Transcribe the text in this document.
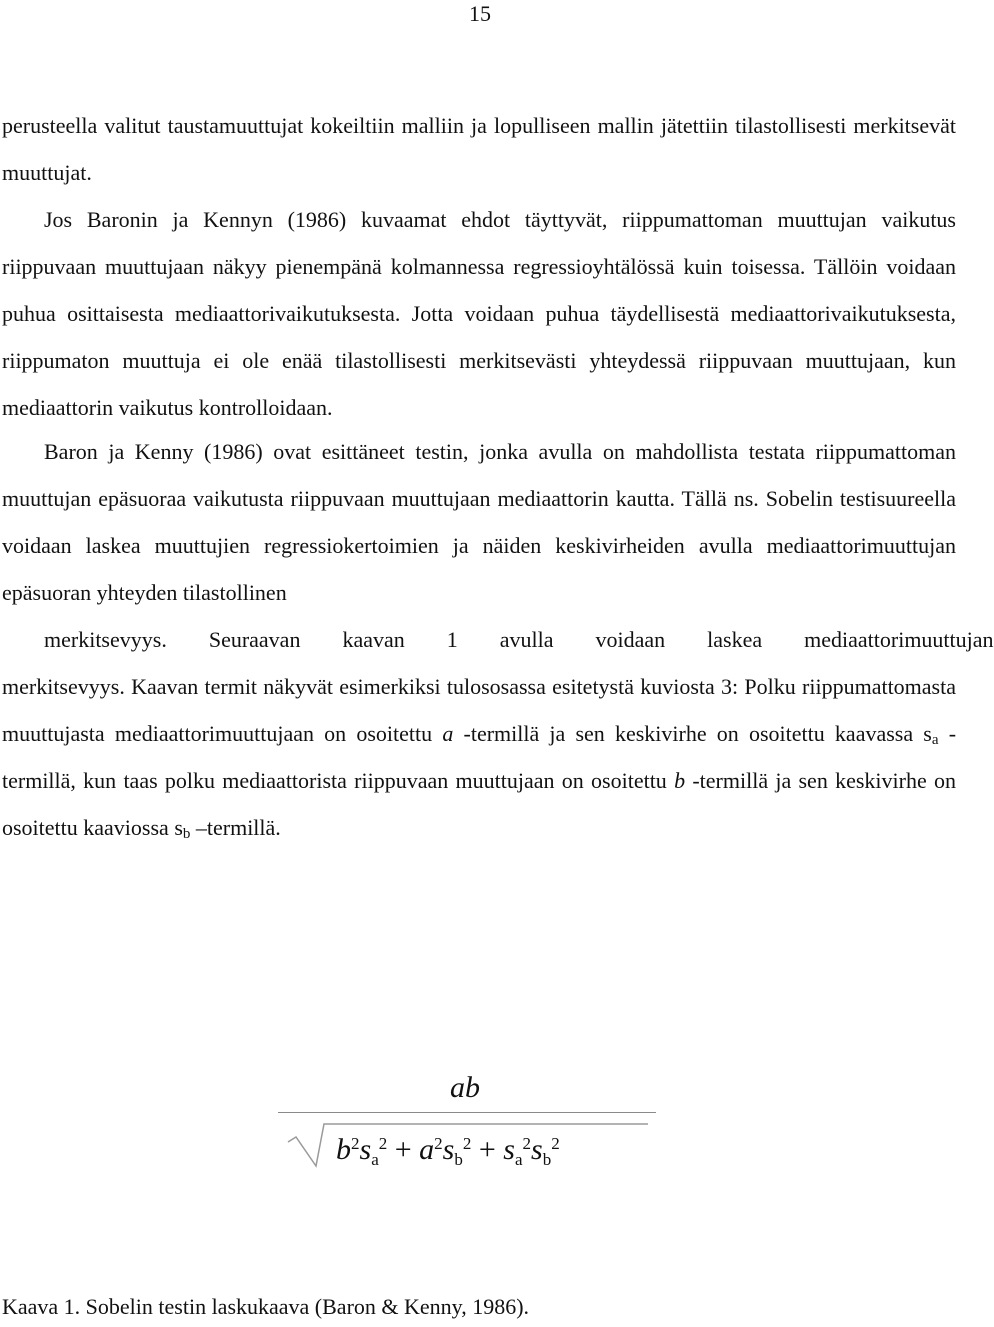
15

perusteella valitut taustamuuttujat kokeiltiin malliin ja lopulliseen mallin jätettiin tilastollisesti merkitsevät muuttujat.

Jos Baronin ja Kennyn (1986) kuvaamat ehdot täyttyvät, riippumattoman muuttujan vaikutus riippuvaan muuttujaan näkyy pienempänä kolmannessa regressioyhtälössä kuin toisessa. Tällöin voidaan puhua osittaisesta mediaattorivaikutuksesta. Jotta voidaan puhua täydellisestä mediaattorivaikutuksesta, riippumaton muuttuja ei ole enää tilastollisesti merkitsevästi yhteydessä riippuvaan muuttujaan, kun mediaattorin vaikutus kontrolloidaan.

Baron ja Kenny (1986) ovat esittäneet testin, jonka avulla on mahdollista testata riippumattoman muuttujan epäsuoraa vaikutusta riippuvaan muuttujaan mediaattorin kautta. Tällä ns. Sobelin testisuureella voidaan laskea muuttujien regressiokertoimien ja näiden keskivirheiden avulla mediaattorimuuttujan epäsuoran yhteyden tilastollinen
merkitsevyys.	Seuraavan	kaavan	1	avulla	voidaan	laskea	mediaattorimuuttujan
merkitsevyys. Kaavan termit näkyvät esimerkiksi tulososassa esitetystä kuviosta 3: Polku riippumattomasta muuttujasta mediaattorimuuttujaan on osoitettu a -termillä ja sen keskivirhe on osoitettu kaavassa $s_a$ -termillä, kun taas polku mediaattorista riippuvaan muuttujaan on osoitettu b -termillä ja sen keskivirhe on osoitettu kaaviossa $s_b$ –termillä.

ab
$b^2s_a^2 + a^2s_b^2 + s_a^2s_b^2$
Kaava 1. Sobelin testin laskukaava (Baron & Kenny, 1986).
